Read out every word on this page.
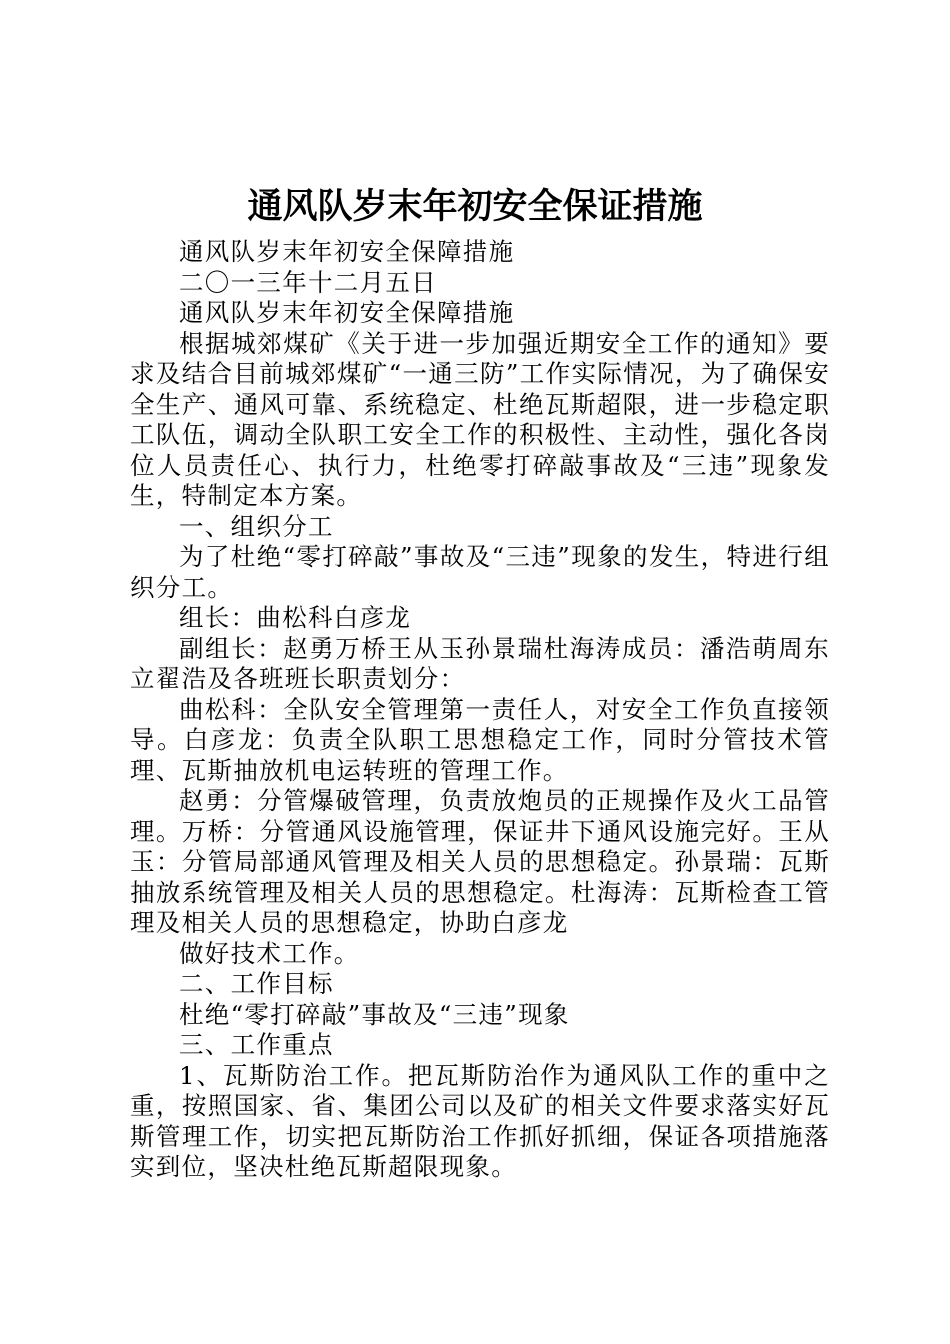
通风队岁末年初安全保证措施

通风队岁末年初安全保障措施

二〇一三年十二月五日

通风队岁末年初安全保障措施

根据城郊煤矿《关于进一步加强近期安全工作的通知》要求及结合目前城郊煤矿“一通三防”工作实际情况，为了确保安全生产、通风可靠、系统稳定、杜绝瓦斯超限，进一步稳定职工队伍，调动全队职工安全工作的积极性、主动性，强化各岗位人员责任心、执行力，杜绝零打碎敲事故及“三违”现象发生，特制定本方案。

一、组织分工

为了杜绝“零打碎敲”事故及“三违”现象的发生，特进行组织分工。

组长：曲松科白彦龙

副组长：赵勇万桥王从玉孙景瑞杜海涛成员：潘浩萌周东立翟浩及各班班长职责划分：

曲松科：全队安全管理第一责任人，对安全工作负直接领导。白彦龙：负责全队职工思想稳定工作，同时分管技术管理、瓦斯抽放机电运转班的管理工作。

赵勇：分管爆破管理，负责放炮员的正规操作及火工品管理。万桥：分管通风设施管理，保证井下通风设施完好。王从玉：分管局部通风管理及相关人员的思想稳定。孙景瑞：瓦斯抽放系统管理及相关人员的思想稳定。杜海涛：瓦斯检查工管理及相关人员的思想稳定，协助白彦龙

做好技术工作。

二、工作目标

杜绝“零打碎敲”事故及“三违”现象

三、工作重点

1、瓦斯防治工作。把瓦斯防治作为通风队工作的重中之重，按照国家、省、集团公司以及矿的相关文件要求落实好瓦斯管理工作，切实把瓦斯防治工作抓好抓细，保证各项措施落实到位，坚决杜绝瓦斯超限现象。
